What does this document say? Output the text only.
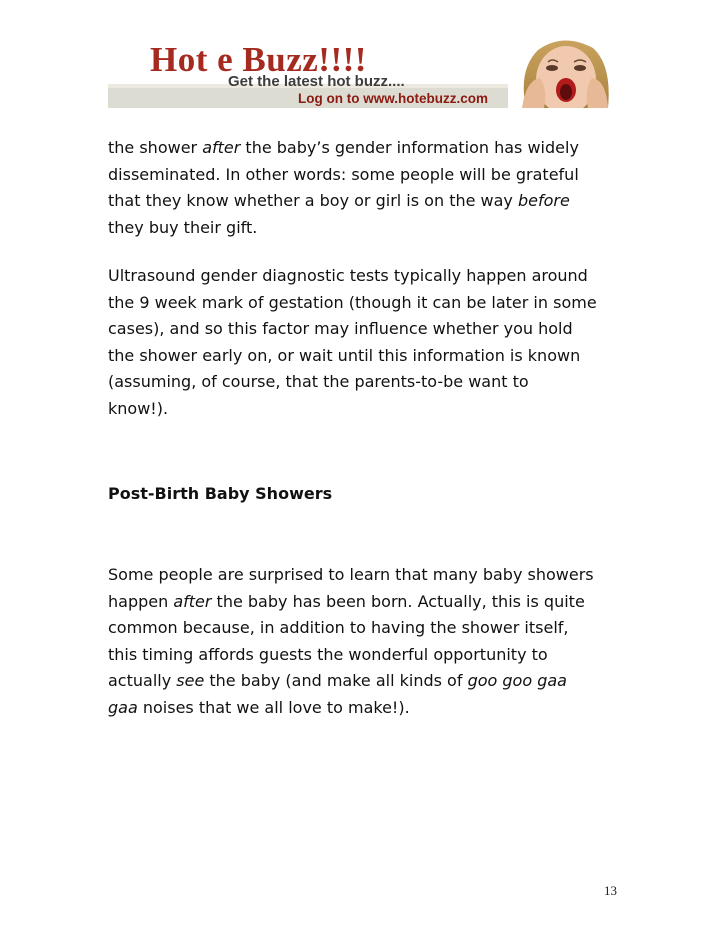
Hot e Buzz!!!!
Get the latest hot buzz....
Log on to www.hotebuzz.com

the shower after the baby’s gender information has widely
disseminated. In other words: some people will be grateful
that they know whether a boy or girl is on the way before
they buy their gift.

Ultrasound gender diagnostic tests typically happen around
the 9 week mark of gestation (though it can be later in some
cases), and so this factor may influence whether you hold
the shower early on, or wait until this information is known
(assuming, of course, that the parents-to-be want to
know!).

Post-Birth Baby Showers

Some people are surprised to learn that many baby showers
happen after the baby has been born. Actually, this is quite
common because, in addition to having the shower itself,
this timing affords guests the wonderful opportunity to
actually see the baby (and make all kinds of goo goo gaa
gaa noises that we all love to make!).

13
